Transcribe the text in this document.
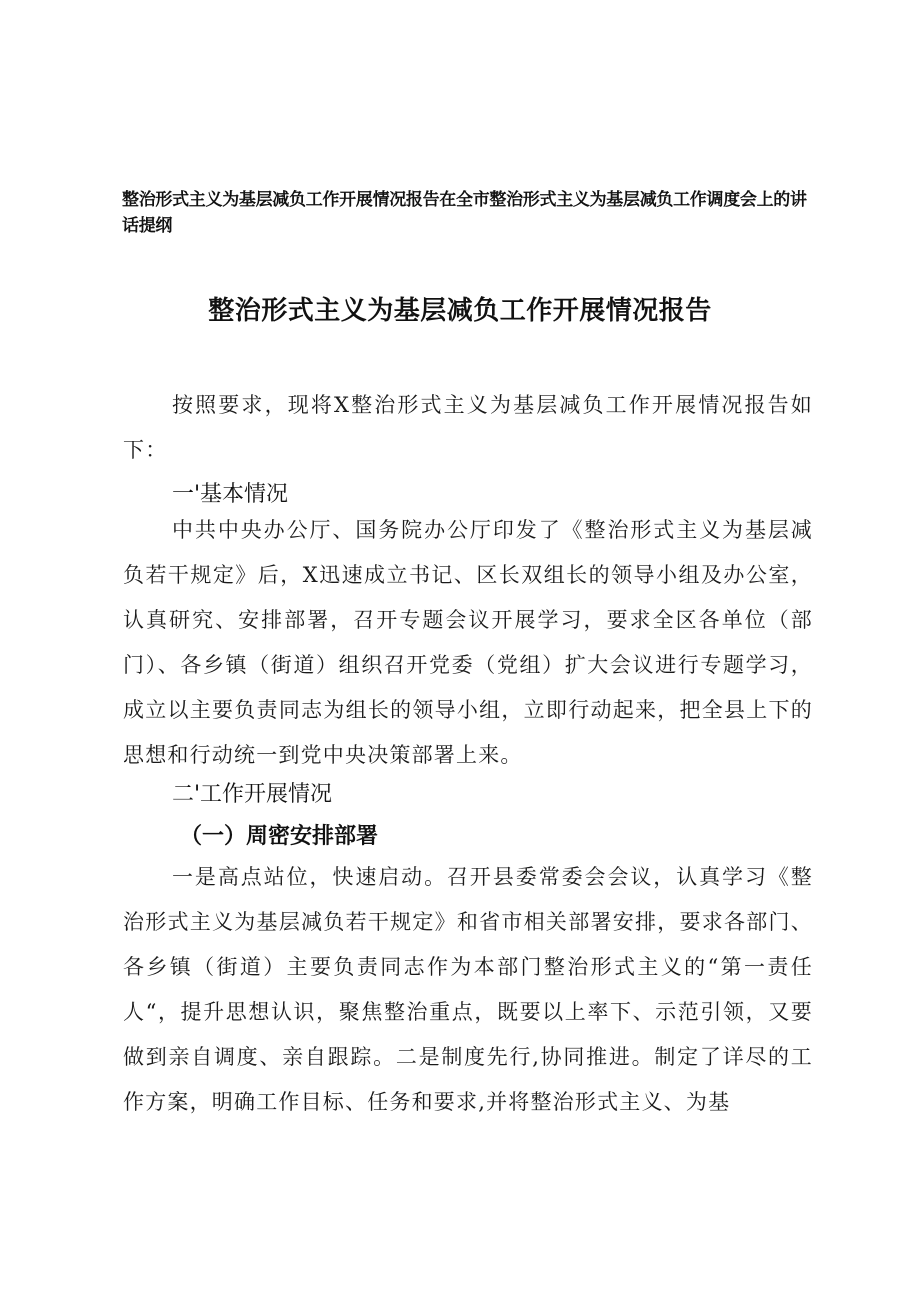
整治形式主义为基层减负工作开展情况报告在全市整治形式主义为基层减负工作调度会上的讲话提纲
整治形式主义为基层减负工作开展情况报告
按照要求，现将X整治形式主义为基层减负工作开展情况报告如下：
一'基本情况
中共中央办公厅、国务院办公厅印发了《整治形式主义为基层减负若干规定》后，X迅速成立书记、区长双组长的领导小组及办公室，认真研究、安排部署，召开专题会议开展学习，要求全区各单位（部门）、各乡镇（街道）组织召开党委（党组）扩大会议进行专题学习，成立以主要负责同志为组长的领导小组，立即行动起来，把全县上下的思想和行动统一到党中央决策部署上来。
二'工作开展情况
（一）周密安排部署
一是高点站位，快速启动。召开县委常委会会议，认真学习《整治形式主义为基层减负若干规定》和省市相关部署安排，要求各部门、各乡镇（街道）主要负责同志作为本部门整治形式主义的“第一责任人“，提升思想认识，聚焦整治重点，既要以上率下、示范引领，又要做到亲自调度、亲自跟踪。二是制度先行,协同推进。制定了详尽的工作方案，明确工作目标、任务和要求,并将整治形式主义、为基
